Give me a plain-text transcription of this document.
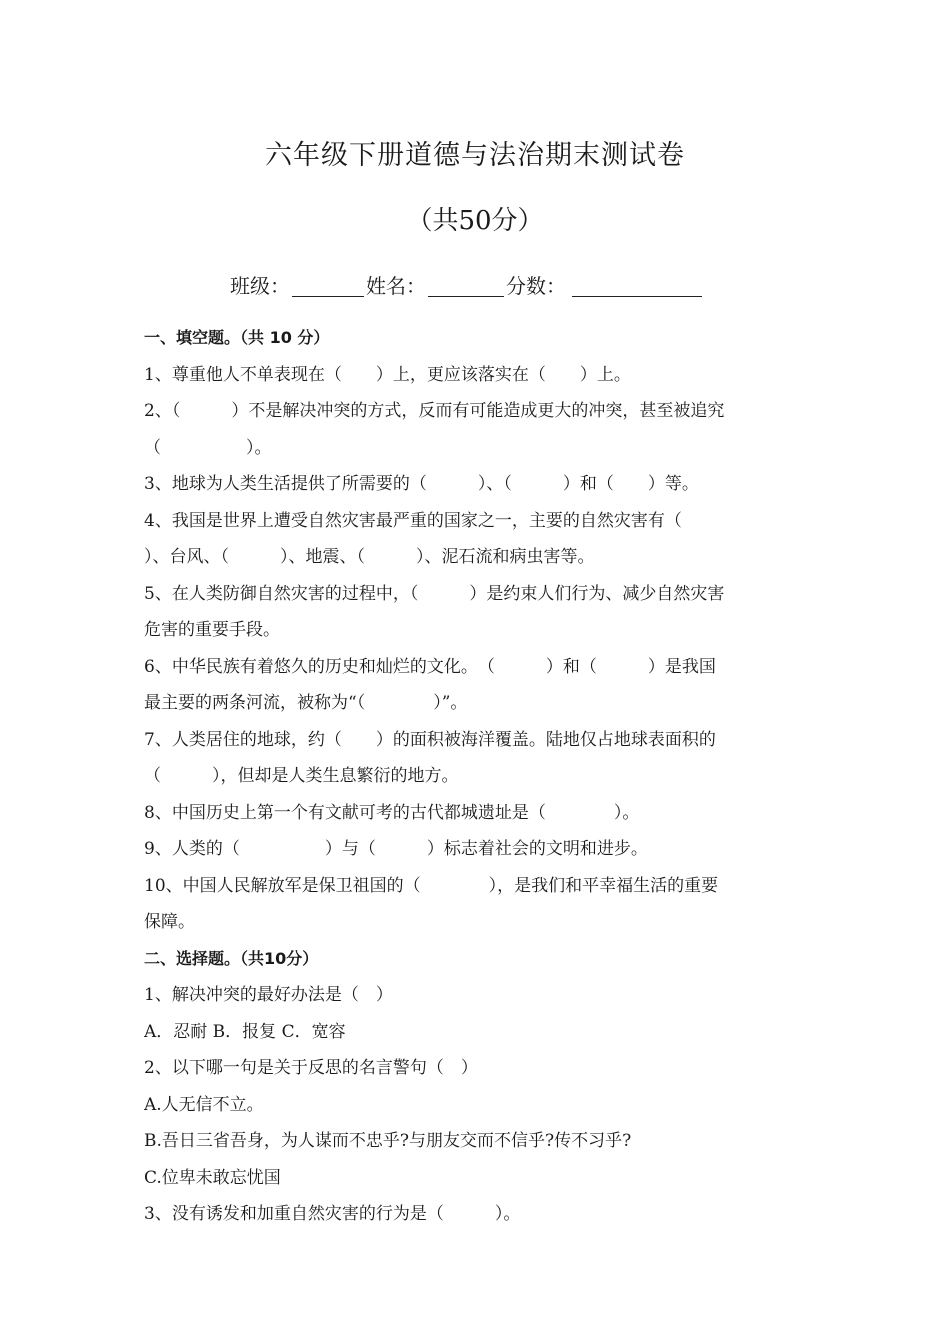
六年级下册道德与法治期末测试卷
（共50分）
班级：	姓名：	分数：
一、填空题。（共 10 分）
1、尊重他人不单表现在（　　）上，更应该落实在（　　）上。
2、（　　　）不是解决冲突的方式，反而有可能造成更大的冲突，甚至被追究
（　　　　　）。
3、地球为人类生活提供了所需要的（　　　）、（　　　）和（　　）等。
4、我国是世界上遭受自然灾害最严重的国家之一，主要的自然灾害有（
）、台风、（　　　）、地震、（　　　）、泥石流和病虫害等。
5、在人类防御自然灾害的过程中，（　　　）是约束人们行为、减少自然灾害
危害的重要手段。
6、中华民族有着悠久的历史和灿烂的文化。　（　　　）和（　　　）是我国
最主要的两条河流，被称为“（　　　　）”。
7、人类居住的地球，约（　　）的面积被海洋覆盖。陆地仅占地球表面积的
（　　　），但却是人类生息繁衍的地方。
8、中国历史上第一个有文献可考的古代都城遗址是（　　　　）。
9、人类的（　　　　　）与（　　　）标志着社会的文明和进步。
10、中国人民解放军是保卫祖国的（　　　　），是我们和平幸福生活的重要
保障。
二、选择题。（共10分）
1、解决冲突的最好办法是（　）
A．忍耐 B．报复 C．宽容
2、以下哪一句是关于反思的名言警句（　）
A.人无信不立。
B.吾日三省吾身，为人谋而不忠乎?与朋友交而不信乎?传不习乎?
C.位卑未敢忘忧国
3、没有诱发和加重自然灾害的行为是（　　　）。
